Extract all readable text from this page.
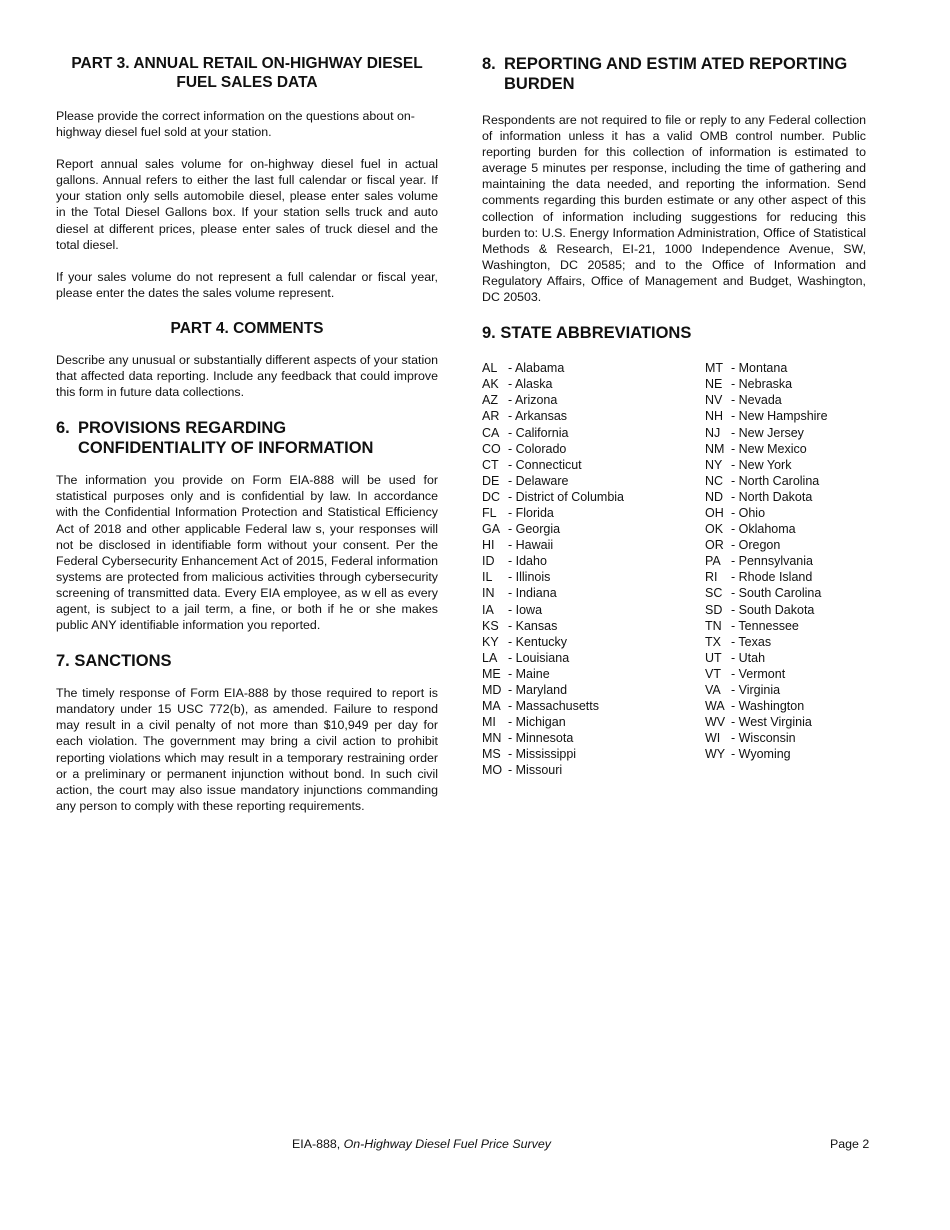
PART 3. ANNUAL RETAIL ON-HIGHWAY DIESEL
FUEL SALES DATA

Please provide the correct information on the questions about on-highway diesel fuel sold at your station.

Report annual sales volume for on-highway diesel fuel in actual gallons. Annual refers to either the last full calendar or fiscal year. If your station only sells automobile diesel, please enter sales volume in the Total Diesel Gallons box. If your station sells truck and auto diesel at different prices, please enter sales of truck diesel and the total diesel.

If your sales volume do not represent a full calendar or fiscal year, please enter the dates the sales volume represent.

PART 4. COMMENTS

Describe any unusual or substantially different aspects of your station that affected data reporting. Include any feedback that could improve this form in future data collections.

6. PROVISIONS REGARDING
CONFIDENTIALITY OF INFORMATION

The information you provide on Form EIA-888 will be used for statistical purposes only and is confidential by law. In accordance with the Confidential Information Protection and Statistical Efficiency Act of 2018 and other applicable Federal law s, your responses will not be disclosed in identifiable form without your consent. Per the Federal Cybersecurity Enhancement Act of 2015, Federal information systems are protected from malicious activities through cybersecurity screening of transmitted data. Every EIA employee, as w ell as every agent, is subject to a jail term, a fine, or both if he or she makes public ANY identifiable information you reported.

7. SANCTIONS

The timely response of Form EIA-888 by those required to report is mandatory under 15 USC 772(b), as amended. Failure to respond may result in a civil penalty of not more than $10,949 per day for each violation. The government may bring a civil action to prohibit reporting violations which may result in a temporary restraining order or a preliminary or permanent injunction without bond. In such civil action, the court may also issue mandatory injunctions commanding any person to comply with these reporting requirements.

8. REPORTING AND ESTIM ATED REPORTING
BURDEN

Respondents are not required to file or reply to any Federal collection of information unless it has a valid OMB control number. Public reporting burden for this collection of information is estimated to average 5 minutes per response, including the time of gathering and maintaining the data needed, and reporting the information. Send comments regarding this burden estimate or any other aspect of this collection of information including suggestions for reducing this burden to: U.S. Energy Information Administration, Office of Statistical Methods & Research, EI-21, 1000 Independence Avenue, SW, Washington, DC 20585; and to the Office of Information and Regulatory Affairs, Office of Management and Budget, Washington, DC 20503.

9. STATE ABBREVIATIONS
AL - Alabama
AK - Alaska
AZ - Arizona
AR - Arkansas
CA - California
CO - Colorado
CT - Connecticut
DE - Delaware
DC - District of Columbia
FL - Florida
GA - Georgia
HI - Hawaii
ID - Idaho
IL - Illinois
IN - Indiana
IA - Iowa
KS - Kansas
KY - Kentucky
LA - Louisiana
ME - Maine
MD - Maryland
MA - Massachusetts
MI - Michigan
MN - Minnesota
MS - Mississippi
MO - Missouri
MT - Montana
NE - Nebraska
NV - Nevada
NH - New Hampshire
NJ - New Jersey
NM - New Mexico
NY - New York
NC - North Carolina
ND - North Dakota
OH - Ohio
OK - Oklahoma
OR - Oregon
PA - Pennsylvania
RI - Rhode Island
SC - South Carolina
SD - South Dakota
TN - Tennessee
TX - Texas
UT - Utah
VT - Vermont
VA - Virginia
WA - Washington
WV - West Virginia
WI - Wisconsin
WY - Wyoming
EIA-888, On-Highway Diesel Fuel Price Survey	Page 2
